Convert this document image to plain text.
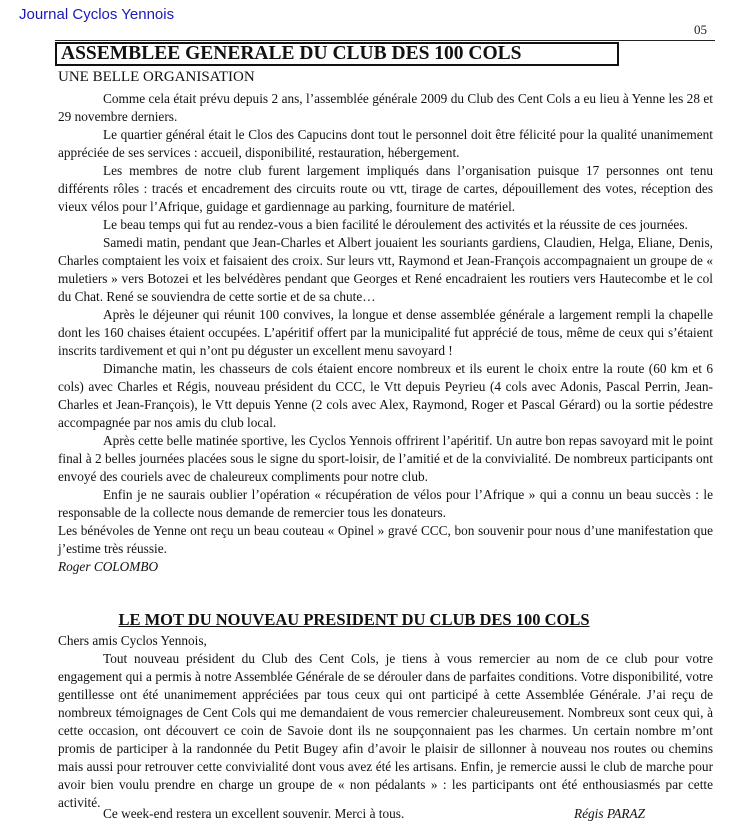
Journal Cyclos Yennois
05
ASSEMBLEE GENERALE DU CLUB DES 100 COLS
UNE BELLE ORGANISATION

Comme cela était prévu depuis 2 ans, l’assemblée générale 2009 du Club des Cent Cols a eu lieu à Yenne les 28 et 29 novembre derniers.

Le quartier général était le Clos des Capucins dont tout le personnel doit être félicité pour la qualité unanimement appréciée de ses services : accueil, disponibilité, restauration, hébergement.

Les membres de notre club furent largement impliqués dans l’organisation puisque 17 personnes ont tenu différents rôles : tracés et encadrement des circuits route ou vtt, tirage de cartes, dépouillement des votes, réception des vieux vélos pour l’Afrique, guidage et gardiennage au parking, fourniture de matériel.

Le beau temps qui fut au rendez-vous a bien facilité le déroulement des activités et la réussite de ces journées.

Samedi matin, pendant que Jean-Charles et Albert jouaient les souriants gardiens, Claudien, Helga, Eliane, Denis, Charles comptaient les voix et faisaient des croix. Sur leurs vtt, Raymond et Jean-François accompagnaient un groupe de « muletiers » vers Botozei et les belvédères pendant que Georges et René encadraient les routiers vers Hautecombe et le col du Chat. René se souviendra de cette sortie et de sa chute…

Après le déjeuner qui réunit 100 convives, la longue et dense assemblée générale a largement rempli la chapelle dont les 160 chaises étaient occupées. L’apéritif offert par la municipalité fut apprécié de tous, même de ceux qui s’étaient inscrits tardivement et qui n’ont pu déguster un excellent menu savoyard !

Dimanche matin, les chasseurs de cols étaient encore nombreux et ils eurent le choix entre la route (60 km et 6 cols) avec Charles et Régis, nouveau président du CCC, le Vtt depuis Peyrieu (4 cols avec Adonis, Pascal Perrin, Jean-Charles et Jean-François), le Vtt depuis Yenne (2 cols avec Alex, Raymond, Roger et Pascal Gérard) ou la sortie pédestre accompagnée par nos amis du club local.

Après cette belle matinée sportive, les Cyclos Yennois offrirent l’apéritif. Un autre bon repas savoyard mit le point final à 2 belles journées placées sous le signe du sport-loisir, de l’amitié et de la convivialité. De nombreux participants ont envoyé des couriels avec de chaleureux compliments pour notre club.

Enfin je ne saurais oublier l’opération « récupération de vélos pour l’Afrique » qui a connu un beau succès : le responsable de la collecte nous demande de remercier tous les donateurs.

Les bénévoles de Yenne ont reçu un beau couteau « Opinel » gravé CCC, bon souvenir pour nous d’une manifestation que j’estime très réussie.

Roger COLOMBO

LE MOT DU NOUVEAU PRESIDENT DU CLUB DES 100 COLS

Chers amis Cyclos Yennois,

Tout nouveau président du Club des Cent Cols, je tiens à vous remercier au nom de ce club pour votre engagement qui a permis à notre Assemblée Générale de se dérouler dans de parfaites conditions. Votre disponibilité, votre gentillesse ont été unanimement appréciées par tous ceux qui ont participé à cette Assemblée Générale. J’ai reçu de nombreux témoignages de Cent Cols qui me demandaient de vous remercier chaleureusement. Nombreux sont ceux qui, à cette occasion, ont découvert ce coin de Savoie dont ils ne soupçonnaient pas les charmes. Un certain nombre m’ont promis de participer à la randonnée du Petit Bugey afin d’avoir le plaisir de sillonner à nouveau nos routes ou chemins mais aussi pour retrouver cette convivialité dont vous avez été les artisans. Enfin, je remercie aussi le club de marche pour avoir bien voulu prendre en charge un groupe de « non pédalants » : les participants ont été enthousiasmés par cette activité.

Ce week-end restera un excellent souvenir. Merci à tous.	Régis PARAZ
